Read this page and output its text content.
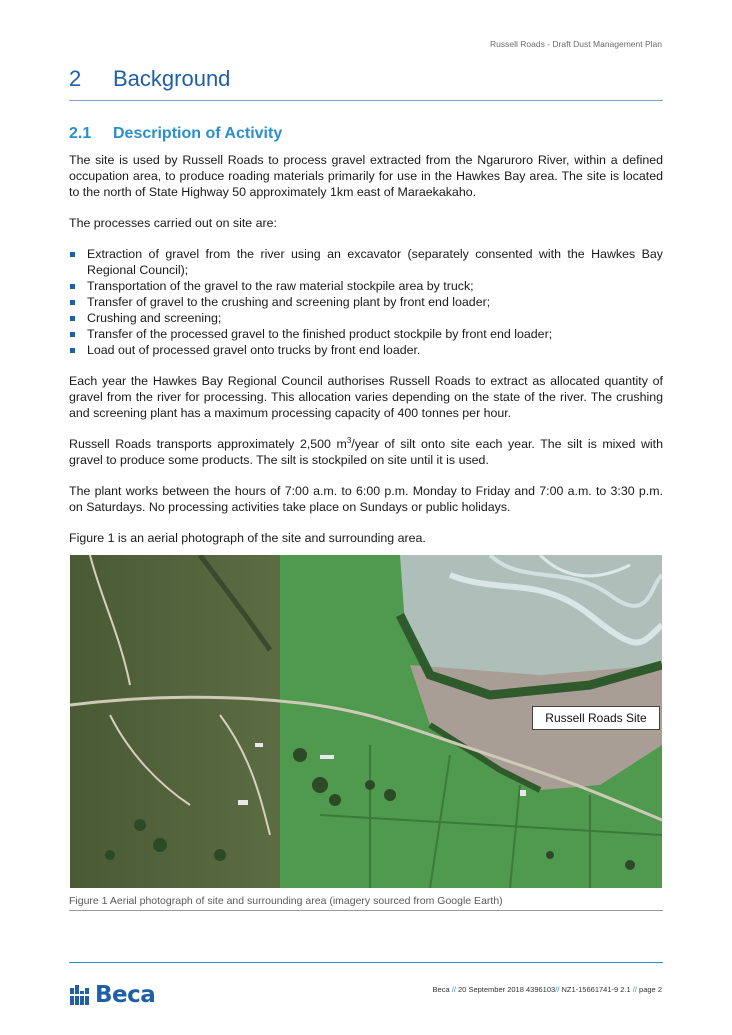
Russell Roads - Draft Dust Management Plan
2	Background
2.1	Description of Activity

The site is used by Russell Roads to process gravel extracted from the Ngaruroro River, within a defined occupation area, to produce roading materials primarily for use in the Hawkes Bay area. The site is located to the north of State Highway 50 approximately 1km east of Maraekakaho.

The processes carried out on site are:

Extraction of gravel from the river using an excavator (separately consented with the Hawkes Bay Regional Council);
Transportation of the gravel to the raw material stockpile area by truck;
Transfer of gravel to the crushing and screening plant by front end loader;
Crushing and screening;
Transfer of the processed gravel to the finished product stockpile by front end loader;
Load out of processed gravel onto trucks by front end loader.

Each year the Hawkes Bay Regional Council authorises Russell Roads to extract as allocated quantity of gravel from the river for processing. This allocation varies depending on the state of the river. The crushing and screening plant has a maximum processing capacity of 400 tonnes per hour.

Russell Roads transports approximately 2,500 $m^3$/year of silt onto site each year. The silt is mixed with gravel to produce some products. The silt is stockpiled on site until it is used.

The plant works between the hours of 7:00 a.m. to 6:00 p.m. Monday to Friday and 7:00 a.m. to 3:30 p.m. on Saturdays. No processing activities take place on Sundays or public holidays.

Figure 1 is an aerial photograph of the site and surrounding area.

Russell Roads Site
Figure 1 Aerial photograph of site and surrounding area (imagery sourced from Google Earth)
Beca	Beca // 20 September 2018 4396103// NZ1-15661741-9 2.1 // page 2
